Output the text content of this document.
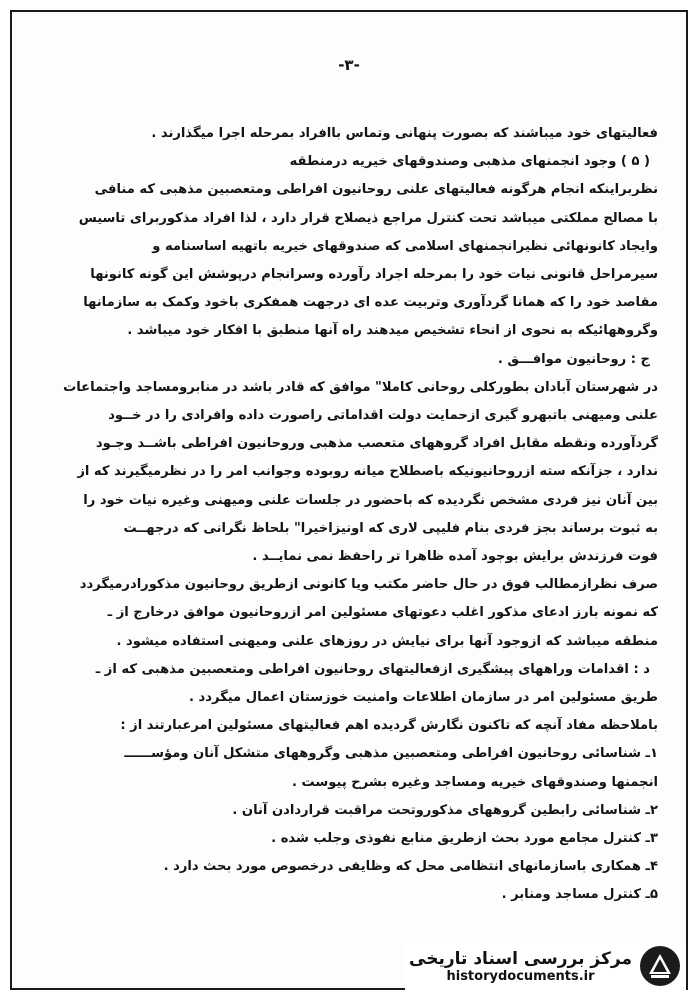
-۳-
فعالیتهای خود میباشند که بصورت پنهانی وتماس باافراد بمرحله اجرا میگذارند .
( ۵ ) وجود انجمنهای مذهبی وصندوقهای خیریه درمنطقه
نظربراینکه انجام هرگونه فعالیتهای علنی روحانیون افراطی ومتعصبین مذهبی که منافی
با مصالح مملکتی میباشد تحت کنترل مراجع ذیصلاح قرار دارد ، لذا افراد مذکوربرای تاسیس
وایجاد کانونهائی نظیرانجمنهای اسلامی که صندوقهای خیریه باتهیه اساسنامه و
سیرمراحل قانونی نیات خود را بمرحله اجراد رآورده وسرانجام درپوشش این گونه کانونها
مقاصد خود را که همانا گردآوری وتربیت عده ای درجهت همفکری باخود وکمک به سازمانها
وگروههائیکه به نحوی از انحاء تشخیص میدهند راه آنها منطبق با افکار خود میباشد .
ج : روحانیون موافـــق .
در شهرستان آبادان بطورکلی روحانی کاملا" موافق که قادر باشد در منابرومساجد واجتماعات
علنی ومیهنی باتبهرو گیری ازحمایت دولت اقداماتی راصورت داده وافرادی را در خــود
گردآورده ونقطه مقابل افراد گروههای متعصب مذهبی وروحانیون افراطی باشــد وجـود
ندارد ، جزآنکه سته ازروحانیونیکه باصطلاح میانه روبوده وجوانب امر را در نظرمیگیرند که از
بین آنان نیز فردی مشخص نگردیده که باحضور در جلسات علنی ومیهنی وغیره نیات خود را
به ثبوت برساند بجز فردی بنام فلیپی لاری که اونیزاخیرا" بلحاظ نگرانی که درجهــت
فوت فرزندش برایش بوجود آمده ظاهرا تر راحفظ نمی نمایــد .
صرف نظرازمطالب فوق در حال حاضر مکتب ویا کانونی ازطریق روحانیون مذکورادرمیگردد
که نمونه بارز ادعای مذکور اغلب دعوتهای مسئولین امر ازروحانیون موافق درخارج از ـ
منطقه میباشد که ازوجود آنها برای نیایش در روزهای علنی ومیهنی استفاده میشود .
د : اقدامات وراههای پیشگیری ازفعالیتهای روحانیون افراطی ومتعصبین مذهبی که از ـ
طریق مسئولین امر در سازمان اطلاعات وامنیت خوزستان اعمال میگردد .
باملاحظه مفاد آنچه که تاکنون نگارش گردیده اهم فعالیتهای مسئولین امرعبارتند از :
۱ـ شناسائی روحانیون افراطی ومتعصبین مذهبی وگروههای متشکل آنان ومؤســــــ
انجمنها وصندوقهای خیریه ومساجد وغیره بشرح پیوست .
۲ـ شناسائی رابطین گروههای مذکوروتحت مراقبت قراردادن آنان .
۳ـ کنترل مجامع مورد بحث ازطریق منابع نفوذی وجلب شده .
۴ـ همکاری باسازمانهای انتظامی محل که وظایفی درخصوص مورد بحث دارد .
۵ـ کنترل مساجد ومنابر .
مرکز بررسی اسناد تاریخی
historydocuments.ir
